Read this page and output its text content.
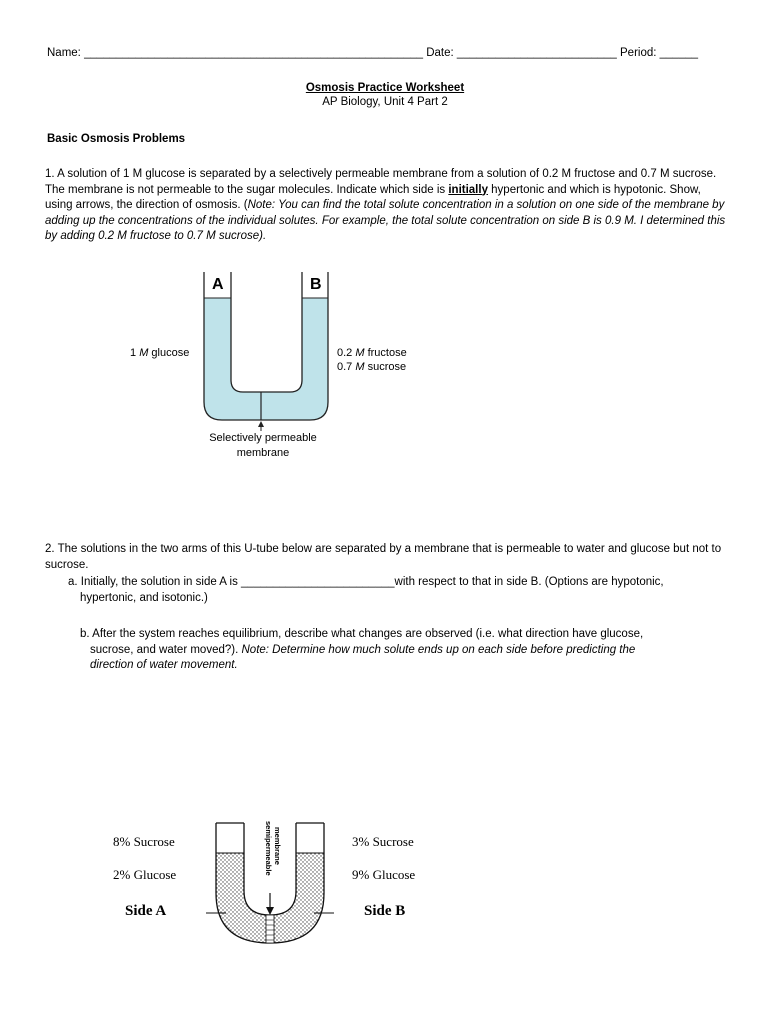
Name: _____________________________________________________ Date: _________________________ Period: ______
Osmosis Practice Worksheet
AP Biology, Unit 4 Part 2
Basic Osmosis Problems
1. A solution of 1 M glucose is separated by a selectively permeable membrane from a solution of 0.2 M fructose and 0.7 M sucrose. The membrane is not permeable to the sugar molecules. Indicate which side is initially hypertonic and which is hypotonic. Show, using arrows, the direction of osmosis. (Note: You can find the total solute concentration in a solution on one side of the membrane by adding up the concentrations of the individual solutes. For example, the total solute concentration on side B is 0.9 M. I determined this by adding 0.2 M fructose to 0.7 M sucrose).
A	B
1 M glucose	0.2 M fructose
0.7 M sucrose
Selectively permeable
membrane
2. The solutions in the two arms of this U-tube below are separated by a membrane that is permeable to water and glucose but not to sucrose.
a. Initially, the solution in side A is ________________________with respect to that in side B. (Options are hypotonic,
hypertonic, and isotonic.)
b. After the system reaches equilibrium, describe what changes are observed (i.e. what direction have glucose,
sucrose, and water moved?). Note: Determine how much solute ends up on each side before predicting the
direction of water movement.
semipermeable membrane
8% Sucrose
2% Glucose
Side A
3% Sucrose
9% Glucose
Side B
